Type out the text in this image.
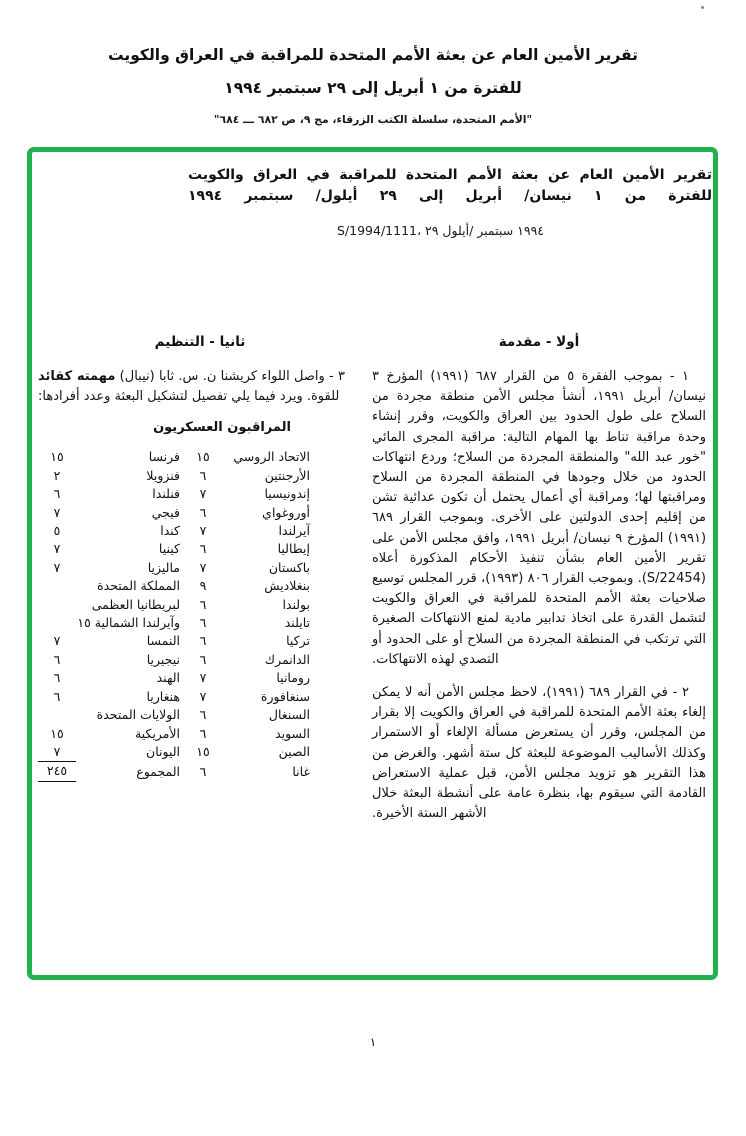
تقرير الأمين العام عن بعثة الأمم المتحدة للمراقبة في العراق والكويت
للفترة من ١ أبريل إلى ٢٩ سبتمبر ١٩٩٤
"الأمم المتحدة، سلسلة الكتب الزرقاء، مج ٩، ص ٦٨٢ ـــ ٦٨٤"
تقرير الأمين العام عن بعثة الأمم المتحدة للمراقبة في العراق والكويت
للفترة من ١ نيسان/ أبريل إلى ٢٩ أيلول/ سبتمبر ١٩٩٤
S/1994/1111، ٢٩‎ أيلول‎/ سبتمبر‎ ١٩٩٤
أولا - مقدمة

١ - بموجب الفقرة ٥ من القرار ٦٨٧ (١٩٩١) المؤرخ ٣ نيسان/ أبريل ١٩٩١، أنشأ مجلس الأمن منطقة مجردة من السلاح على طول الحدود بين العراق والكويت، وقرر إنشاء وحدة مراقبة تناط بها المهام التالية: مراقبة المجرى المائي "خور عبد الله" والمنطقة المجردة من السلاح؛ وردع انتهاكات الحدود من خلال وجودها في المنطقة المجردة من السلاح ومراقبتها لها؛ ومراقبة أي أعمال يحتمل أن تكون عدائية تشن من إقليم إحدى الدولتين على الأخرى. وبموجب القرار ٦٨٩ (١٩٩١) المؤرخ ٩ نيسان/ أبريل ١٩٩١، وافق مجلس الأمن على تقرير الأمين العام بشأن تنفيذ الأحكام المذكورة أعلاه (S/22454). وبموجب القرار ٨٠٦ (١٩٩٣)، قرر المجلس توسيع صلاحيات بعثة الأمم المتحدة للمراقبة في العراق والكويت لتشمل القدرة على اتخاذ تدابير مادية لمنع الانتهاكات الصغيرة التي ترتكب في المنطقة المجردة من السلاح أو على الحدود أو التصدي لهذه الانتهاكات.

٢ - في القرار ٦٨٩ (١٩٩١)، لاحظ مجلس الأمن أنه لا يمكن إلغاء بعثة الأمم المتحدة للمراقبة في العراق والكويت إلا بقرار من المجلس، وقرر أن يستعرض مسألة الإلغاء أو الاستمرار وكذلك الأساليب الموضوعة للبعثة كل ستة أشهر. والغرض من هذا التقرير هو تزويد مجلس الأمن، قبل عملية الاستعراض القادمة التي سيقوم بها، بنظرة عامة على أنشطة البعثة خلال الأشهر الستة الأخيرة.

ثانيا - التنظيم

٣ - واصل اللواء كريشنا ن. س. ثابا (نيبال) مهمته كقائد للقوة. ويرد فيما يلي تفصيل لتشكيل البعثة وعدد أفرادها:

المراقبون العسكريون
الاتحاد الروسي	١٥	فرنسا	١٥
الأرجنتين	٦	فنزويلا	٢
إندونيسيا	٧	فنلندا	٦
أوروغواي	٦	فيجي	٧
آيرلندا	٧	كندا	٥
إيطاليا	٦	كينيا	٧
باكستان	٧	ماليزيا	٧
بنغلاديش	٩	المملكة المتحدة	
بولندا	٦	لبريطانيا العظمى	
تايلند	٦	وآيرلندا الشمالية ١٥	
تركيا	٦	النمسا	٧
الدانمرك	٦	نيجيريا	٦
رومانيا	٧	الهند	٦
سنغافورة	٧	هنغاريا	٦
السنغال	٦	الولايات المتحدة	
السويد	٦	الأمريكية	١٥
الصين	١٥	اليونان	٧
غانا	٦	المجموع	٢٤٥
١
